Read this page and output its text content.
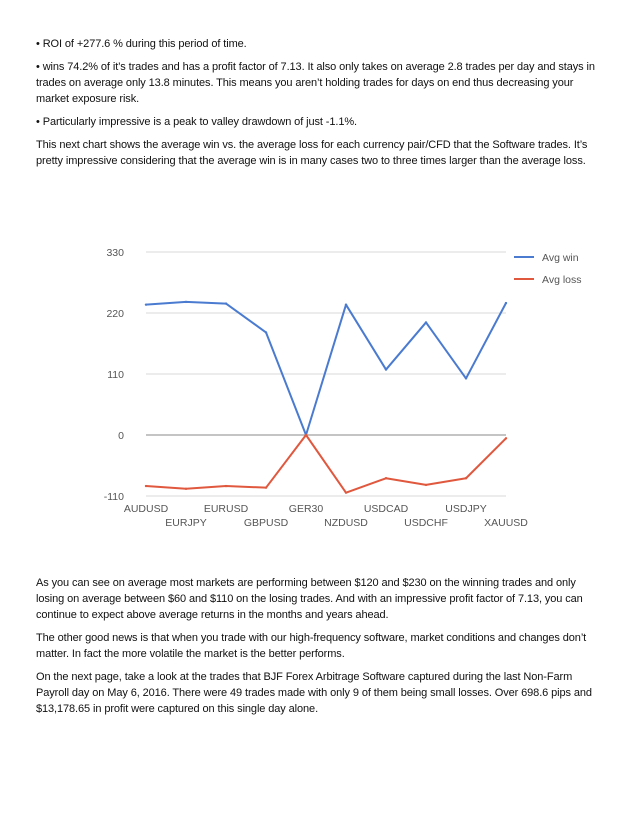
• ROI of +277.6 % during this period of time.

• wins 74.2% of it’s trades and has a profit factor of 7.13. It also only takes on average 2.8 trades per day and stays in trades on average only 13.8 minutes. This means you aren’t holding trades for days on end thus decreasing your market exposure risk.

• Particularly impressive is a peak to valley drawdown of just -1.1%.

This next chart shows the average win vs. the average loss for each currency pair/CFD that the Software trades. It’s pretty impressive considering that the average win is in many cases two to three times larger than the average loss.

330
220
110
0
-110
AUDUSD
EURJPY
EURUSD
GBPUSD
GER30
NZDUSD
USDCAD
USDCHF
USDJPY
XAUUSD
Avg win
Avg loss

As you can see on average most markets are performing between $120 and $230 on the winning trades and only losing on average between $60 and $110 on the losing trades. And with an impressive profit factor of 7.13, you can continue to expect above average returns in the months and years ahead.

The other good news is that when you trade with our high-frequency software, market conditions and changes don’t matter. In fact the more volatile the market is the better performs.

On the next page, take a look at the trades that BJF Forex Arbitrage Software captured during the last Non-Farm Payroll day on May 6, 2016. There were 49 trades made with only 9 of them being small losses. Over 698.6 pips and $13,178.65 in profit were captured on this single day alone.
